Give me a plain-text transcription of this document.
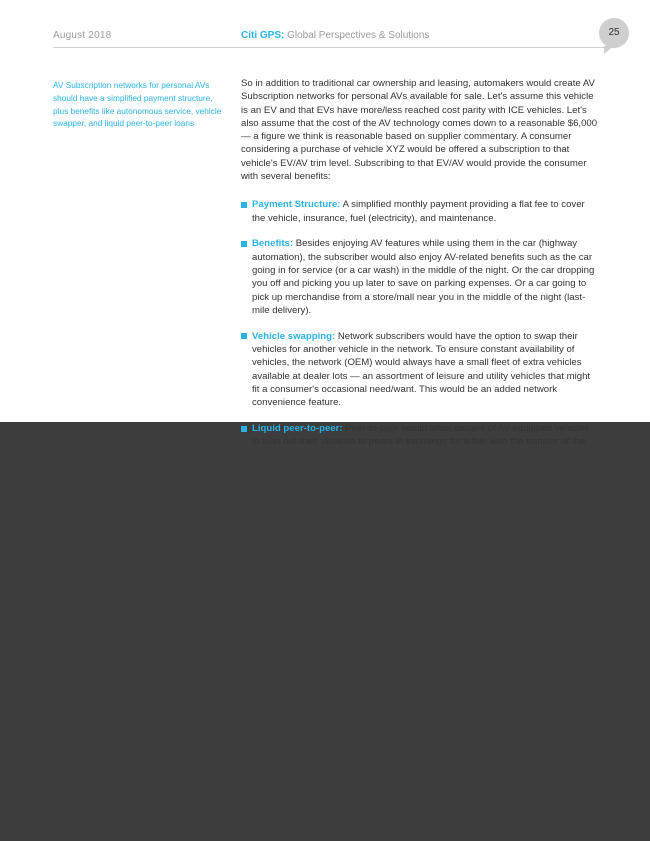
August 2018	Citi GPS: Global Perspectives & Solutions	25
AV Subscription networks for personal AVs should have a simplified payment structure, plus benefits like autonomous service, vehicle swapper, and liquid peer-to-peer loans

So in addition to traditional car ownership and leasing, automakers would create AV Subscription networks for personal AVs available for sale. Let's assume this vehicle is an EV and that EVs have more/less reached cost parity with ICE vehicles. Let's also assume that the cost of the AV technology comes down to a reasonable $6,000 — a figure we think is reasonable based on supplier commentary. A consumer considering a purchase of vehicle XYZ would be offered a subscription to that vehicle's EV/AV trim level. Subscribing to that EV/AV would provide the consumer with several benefits:

Payment Structure: A simplified monthly payment providing a flat fee to cover the vehicle, insurance, fuel (electricity), and maintenance.
Benefits: Besides enjoying AV features while using them in the car (highway automation), the subscriber would also enjoy AV-related benefits such as the car going in for service (or a car wash) in the middle of the night. Or the car dropping you off and picking you up later to save on parking expenses. Or a car going to pick up merchandise from a store/mall near you in the middle of the night (last-mile delivery).
Vehicle swapping: Network subscribers would have the option to swap their vehicles for another vehicle in the network. To ensure constant availability of vehicles, the network (OEM) would always have a small fleet of extra vehicles available at dealer lots — an assortment of leisure and utility vehicles that might fit a consumer's occasional need/want. This would be an added network convenience feature.
Liquid peer-to-peer: Peer-to-peer would allow owners of AV-equipped vehicles to loan out their vehicles to peers in exchange for a fee, with the transfer of the
